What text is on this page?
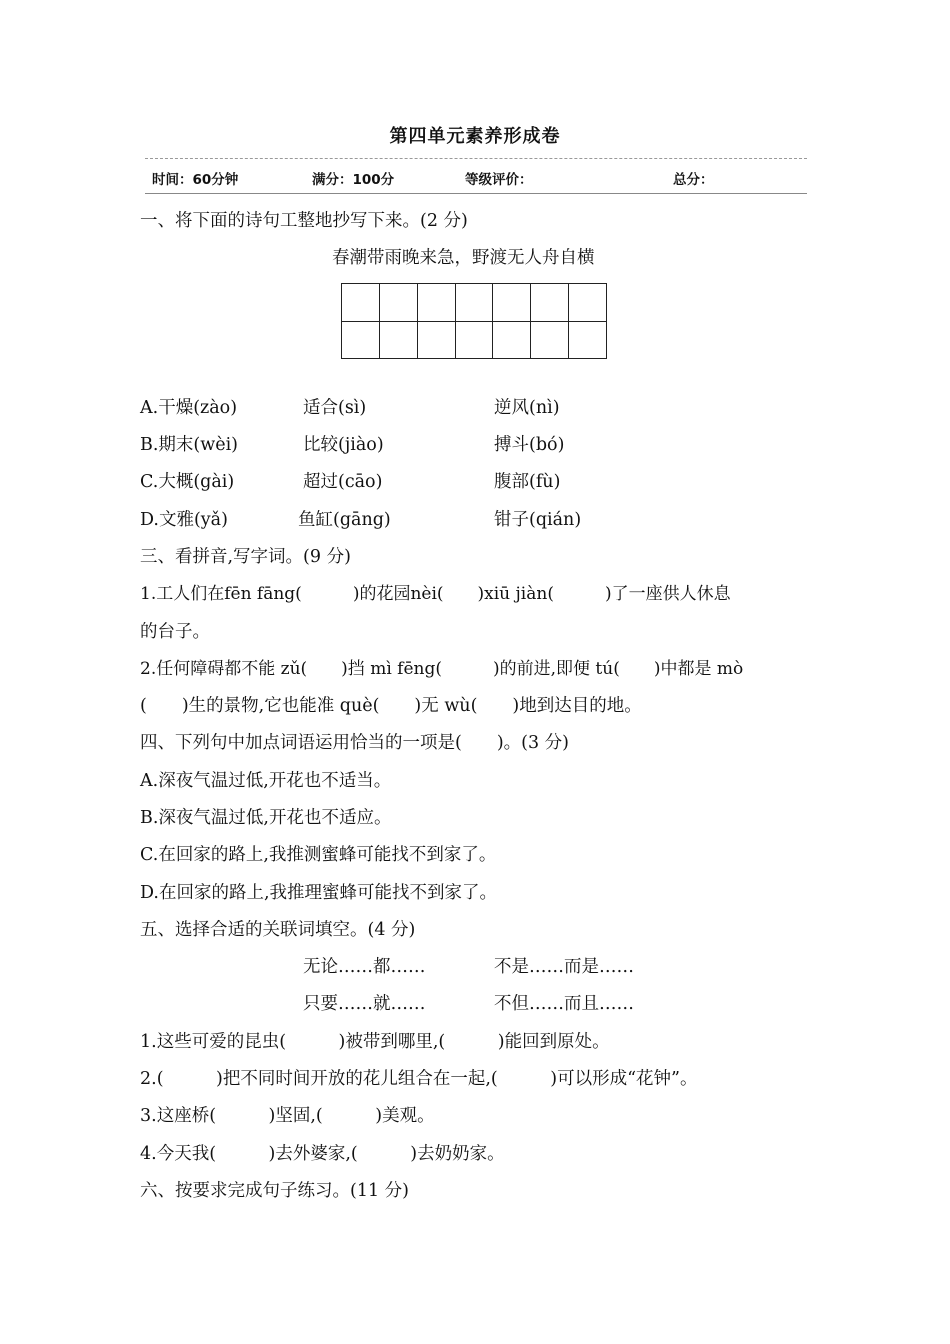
第四单元素养形成卷
时间：60分钟	满分：100分	等级评价：	总分：
一、将下面的诗句工整地抄写下来。(2 分)
春潮带雨晚来急，野渡无人舟自横

A.干燥(zào)	适合(sì)	逆风(nì)
B.期末(wèi)	比较(jiào)	搏斗(bó)
C.大概(gài)	超过(cāo)	腹部(fù)
D.文雅(yǎ)	鱼缸(gāng)	钳子(qián)
三、看拼音,写字词。(9 分)
1.工人们在fēn fāng(　　　)的花园nèi(　　)xiū jiàn(　　　)了一座供人休息
的台子。
2.任何障碍都不能 zǔ(　　)挡 mì fēng(　　　)的前进,即便 tú(　　)中都是 mò
(　　)生的景物,它也能准 què(　　)无 wù(　　)地到达目的地。
四、下列句中加点词语运用恰当的一项是(　　)。(3 分)
A.深夜气温过低,开花也不适当。
B.深夜气温过低,开花也不适应。
C.在回家的路上,我推测蜜蜂可能找不到家了。
D.在回家的路上,我推理蜜蜂可能找不到家了。
五、选择合适的关联词填空。(4 分)
无论……都……	不是……而是……
只要……就……	不但……而且……
1.这些可爱的昆虫(　　　)被带到哪里,(　　　)能回到原处。
2.(　　　)把不同时间开放的花儿组合在一起,(　　　)可以形成“花钟”。
3.这座桥(　　　)坚固,(　　　)美观。
4.今天我(　　　)去外婆家,(　　　)去奶奶家。
六、按要求完成句子练习。(11 分)
